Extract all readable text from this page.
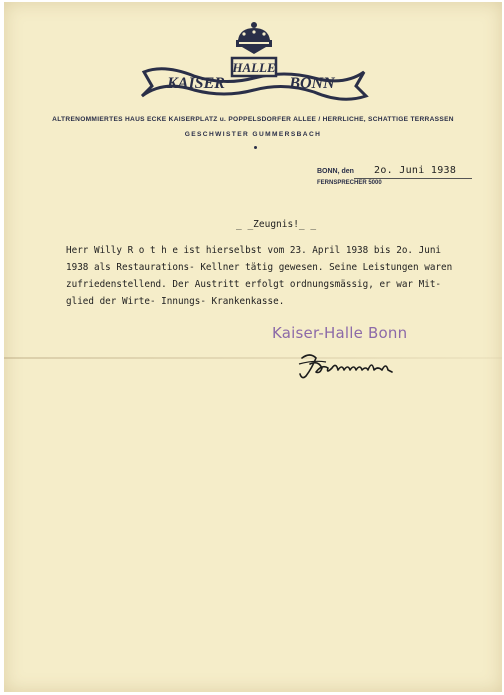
HALLE
KAISER	BONN
ALTRENOMMIERTES HAUS ECKE KAISERPLATZ u. POPPELSDORFER ALLEE / HERRLICHE, SCHATTIGE TERRASSEN
GESCHWISTER GUMMERSBACH
BONN, den 2o. Juni 1938
FERNSPRECHER 5000
_ _Zeugnis!_ _
Herr Willy R o t h e ist hierselbst vom 23. April 1938 bis 2o. Juni
1938 als Restaurations- Kellner tätig gewesen. Seine Leistungen waren
zufriedenstellend. Der Austritt erfolgt ordnungsmässig, er war Mit-
glied der Wirte- Innungs- Krankenkasse.
Kaiser-Halle Bonn
